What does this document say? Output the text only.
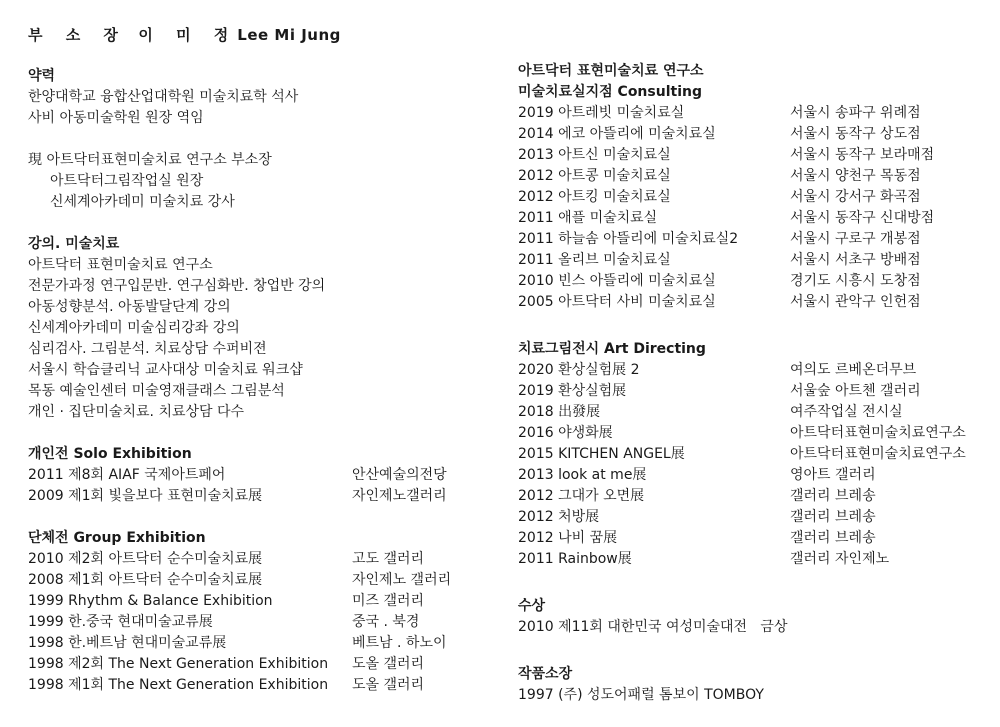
부 소 장 이 미 정Lee Mi Jung

약력

한양대학교 융합산업대학원 미술치료학 석사

사비 아동미술학원 원장 역임

現 아트닥터표현미술치료 연구소 부소장

아트닥터그림작업실 원장

신세계아카데미 미술치료 강사

강의. 미술치료

아트닥터 표현미술치료 연구소

전문가과정 연구입문반. 연구심화반. 창업반 강의

아동성향분석. 아동발달단계 강의

신세계아카데미 미술심리강좌 강의

심리검사. 그림분석. 치료상담 수퍼비젼

서울시 학습클리닉 교사대상 미술치료 워크샵

목동 예술인센터 미술영재클래스 그림분석

개인 · 집단미술치료. 치료상담 다수

개인전 Solo Exhibition

2011 제8회 AIAF 국제아트페어	안산예술의전당
2009 제1회 빛을보다 표현미술치료展	자인제노갤러리

단체전 Group Exhibition

2010 제2회 아트닥터 순수미술치료展	고도 갤러리
2008 제1회 아트닥터 순수미술치료展	자인제노 갤러리
1999 Rhythm & Balance Exhibition	미즈 갤러리
1999 한.중국 현대미술교류展	중국 . 북경
1998 한.베트남 현대미술교류展	베트남 . 하노이
1998 제2회 The Next Generation Exhibition	도올 갤러리
1998 제1회 The Next Generation Exhibition	도올 갤러리

아트닥터 표현미술치료 연구소

미술치료실지점 Consulting

2019 아트레빗 미술치료실	서울시 송파구 위례점
2014 에코 아뜰리에 미술치료실	서울시 동작구 상도점
2013 아트신 미술치료실	서울시 동작구 보라매점
2012 아트콩 미술치료실	서울시 양천구 목동점
2012 아트킹 미술치료실	서울시 강서구 화곡점
2011 애플 미술치료실	서울시 동작구 신대방점
2011 하늘솜 아뜰리에 미술치료실2	서울시 구로구 개봉점
2011 올리브 미술치료실	서울시 서초구 방배점
2010 빈스 아뜰리에 미술치료실	경기도 시흥시 도창점
2005 아트닥터 사비 미술치료실	서울시 관악구 인헌점

치료그림전시 Art Directing

2020 환상실험展 2	여의도 르베온더무브
2019 환상실험展	서울숲 아트첸 갤러리
2018 出發展	여주작업실 전시실
2016 야생화展	아트닥터표현미술치료연구소
2015 KITCHEN ANGEL展	아트닥터표현미술치료연구소
2013 look at me展	영아트 갤러리
2012 그대가 오면展	갤러리 브레송
2012 처방展	갤러리 브레송
2012 나비 꿈展	갤러리 브레송
2011 Rainbow展	갤러리 자인제노

수상

2010 제11회 대한민국 여성미술대전   금상

작품소장

1997 (주) 성도어패럴 톰보이 TOMBOY
